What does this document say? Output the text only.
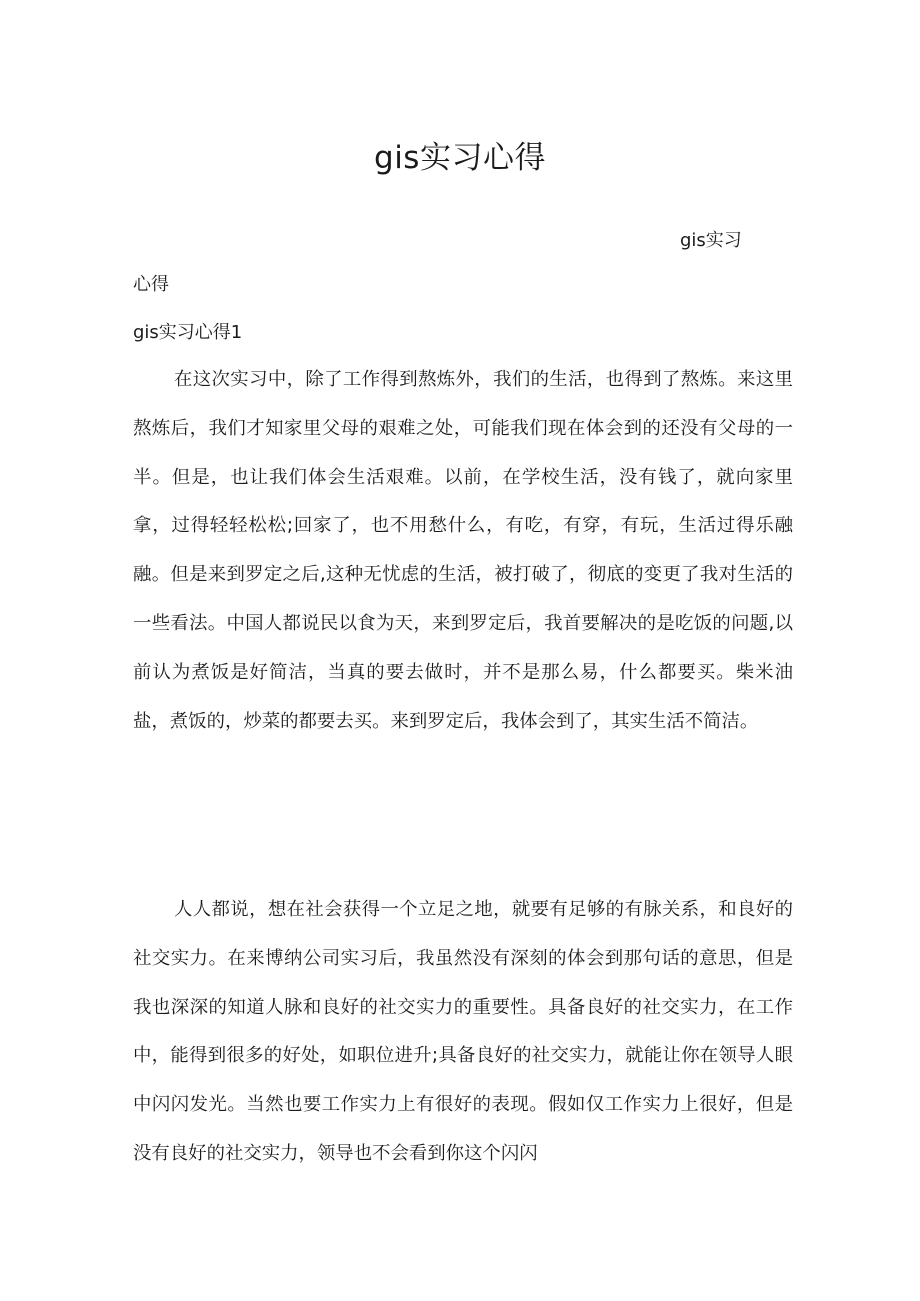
gis实习心得
gis实习
心得
gis实习心得1

在这次实习中，除了工作得到熬炼外，我们的生活，也得到了熬炼。来这里熬炼后，我们才知家里父母的艰难之处，可能我们现在体会到的还没有父母的一半。但是，也让我们体会生活艰难。以前，在学校生活，没有钱了，就向家里拿，过得轻轻松松;回家了，也不用愁什么，有吃，有穿，有玩，生活过得乐融融。但是来到罗定之后,这种无忧虑的生活，被打破了，彻底的变更了我对生活的一些看法。中国人都说民以食为天，来到罗定后，我首要解决的是吃饭的问题,以前认为煮饭是好简洁，当真的要去做时，并不是那么易，什么都要买。柴米油盐，煮饭的，炒菜的都要去买。来到罗定后，我体会到了，其实生活不简洁。

人人都说，想在社会获得一个立足之地，就要有足够的有脉关系，和良好的社交实力。在来博纳公司实习后，我虽然没有深刻的体会到那句话的意思，但是我也深深的知道人脉和良好的社交实力的重要性。具备良好的社交实力，在工作中，能得到很多的好处，如职位进升;具备良好的社交实力，就能让你在领导人眼中闪闪发光。当然也要工作实力上有很好的表现。假如仅工作实力上很好，但是没有良好的社交实力，领导也不会看到你这个闪闪
